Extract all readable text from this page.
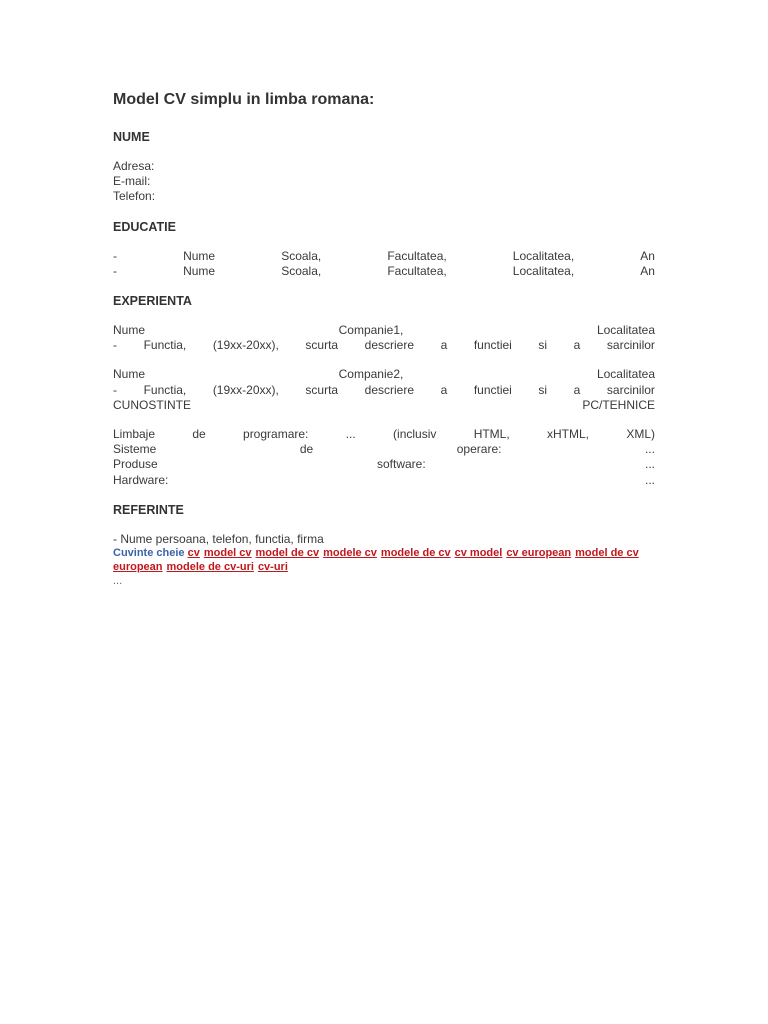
Model CV simplu in limba romana:
NUME
Adresa:
E-mail:
Telefon:
EDUCATIE
-	Nume	Scoala,	Facultatea,	Localitatea,	An
-	Nume	Scoala,	Facultatea,	Localitatea,	An
EXPERIENTA
Nume	Companie1,	Localitatea
- Functia, (19xx-20xx), scurta descriere a functiei si a sarcinilor
Nume	Companie2,	Localitatea
- Functia, (19xx-20xx), scurta descriere a functiei si a sarcinilor
CUNOSTINTE	PC/TEHNICE
Limbaje	de	programare:	...	(inclusiv	HTML,	xHTML,	XML)
Sisteme	de	operare:	...
Produse	software:	...
Hardware:	...
REFERINTE
- Nume persoana, telefon, functia, firma
Cuvinte cheie cv model cv model de cv modele cv modele de cv cv model cv european model de cv european modele de cv-uri cv-uri
...
